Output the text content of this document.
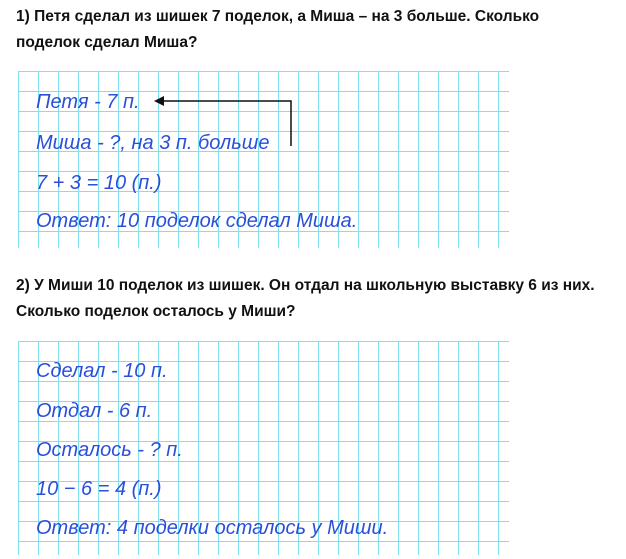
1) Петя сделал из шишек 7 поделок, а Миша – на 3 больше. Сколько
поделок сделал Миша?

Петя - 7 п.

Миша - ?, на 3 п. больше

7 + 3 = 10 (п.)

Ответ: 10 поделок сделал Миша.

2) У Миши 10 поделок из шишек. Он отдал на школьную выставку 6 из них.
Сколько поделок осталось у Миши?

Сделал - 10 п.

Отдал - 6 п.

Осталось - ? п.

10 − 6 = 4 (п.)

Ответ: 4 поделки осталось у Миши.
